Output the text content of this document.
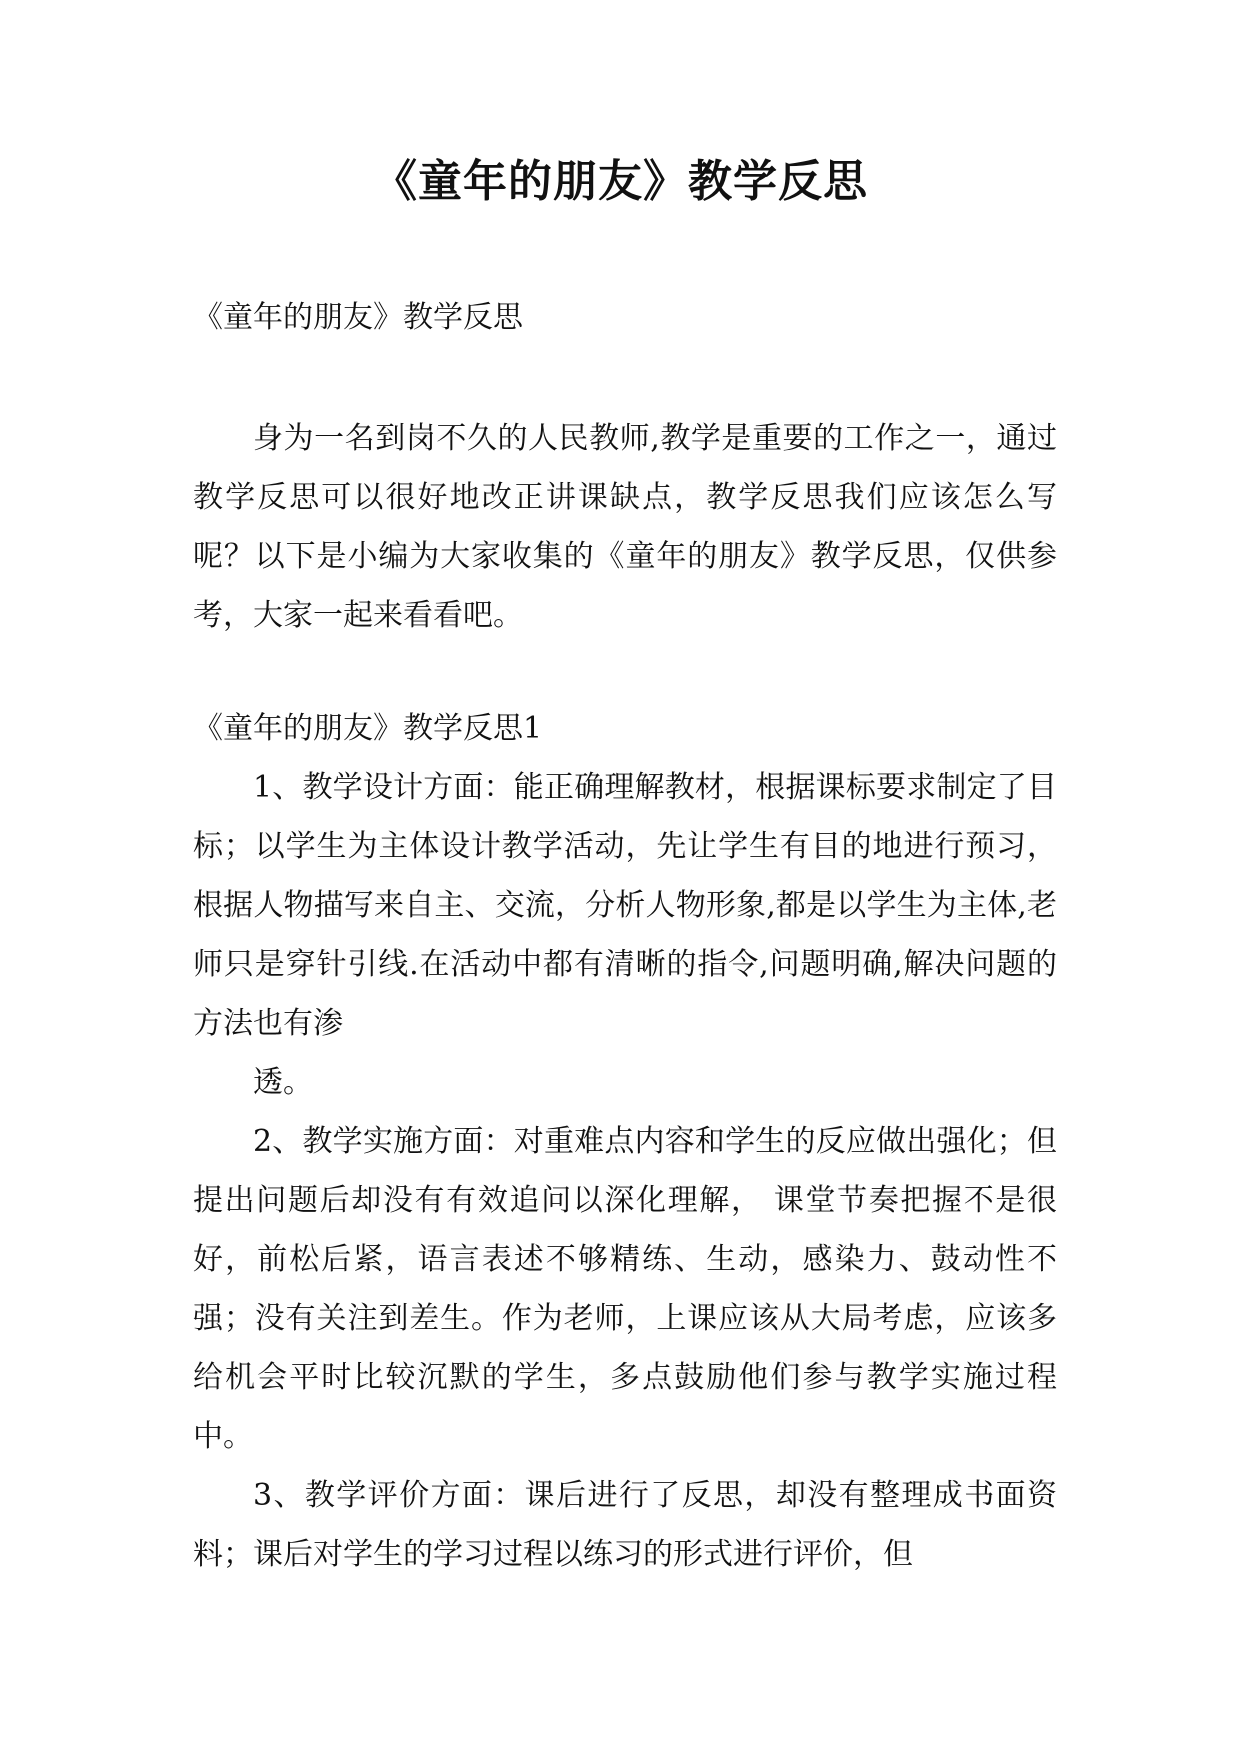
《童年的朋友》教学反思

《童年的朋友》教学反思

身为一名到岗不久的人民教师,教学是重要的工作之一，通过教学反思可以很好地改正讲课缺点，教学反思我们应该怎么写呢？以下是小编为大家收集的《童年的朋友》教学反思，仅供参考，大家一起来看看吧。

《童年的朋友》教学反思1

1、教学设计方面：能正确理解教材，根据课标要求制定了目标；以学生为主体设计教学活动，先让学生有目的地进行预习，根据人物描写来自主、交流，分析人物形象,都是以学生为主体,老师只是穿针引线.在活动中都有清晰的指令,问题明确,解决问题的方法也有渗

透。

2、教学实施方面：对重难点内容和学生的反应做出强化；但提出问题后却没有有效追问以深化理解， 课堂节奏把握不是很好，前松后紧，语言表述不够精练、生动，感染力、鼓动性不强；没有关注到差生。作为老师，上课应该从大局考虑，应该多给机会平时比较沉默的学生，多点鼓励他们参与教学实施过程中。

3、教学评价方面：课后进行了反思，却没有整理成书面资料；课后对学生的学习过程以练习的形式进行评价，但
